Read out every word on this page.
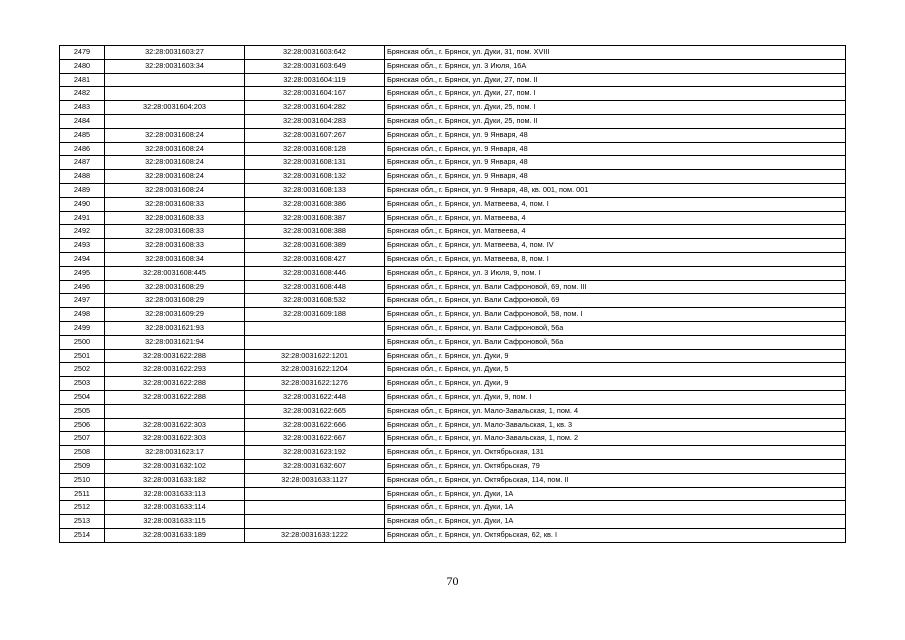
2479	32:28:0031603:27	32:28:0031603:642	Брянская обл., г. Брянск, ул. Дуки, 31, пом. XVIII
2480	32:28:0031603:34	32:28:0031603:649	Брянская обл., г. Брянск, ул. 3 Июля, 16А
2481		32:28:0031604:119	Брянская обл., г. Брянск, ул. Дуки, 27, пом. II
2482		32:28:0031604:167	Брянская обл., г. Брянск, ул. Дуки, 27, пом. I
2483	32:28:0031604:203	32:28:0031604:282	Брянская обл., г. Брянск, ул. Дуки, 25, пом. I
2484		32:28:0031604:283	Брянская обл., г. Брянск, ул. Дуки, 25, пом. II
2485	32:28:0031608:24	32:28:0031607:267	Брянская обл., г. Брянск, ул. 9 Января, 48
2486	32:28:0031608:24	32:28:0031608:128	Брянская обл., г. Брянск, ул. 9 Января, 48
2487	32:28:0031608:24	32:28:0031608:131	Брянская обл., г. Брянск, ул. 9 Января, 48
2488	32:28:0031608:24	32:28:0031608:132	Брянская обл., г. Брянск, ул. 9 Января, 48
2489	32:28:0031608:24	32:28:0031608:133	Брянская обл., г. Брянск, ул. 9 Января, 48, кв. 001, пом. 001
2490	32:28:0031608:33	32:28:0031608:386	Брянская обл., г. Брянск, ул. Матвеева, 4, пом. I
2491	32:28:0031608:33	32:28:0031608:387	Брянская обл., г. Брянск, ул. Матвеева, 4
2492	32:28:0031608:33	32:28:0031608:388	Брянская обл., г. Брянск, ул. Матвеева, 4
2493	32:28:0031608:33	32:28:0031608:389	Брянская обл., г. Брянск, ул. Матвеева, 4, пом. IV
2494	32:28:0031608:34	32:28:0031608:427	Брянская обл., г. Брянск, ул. Матвеева, 8, пом. I
2495	32:28:0031608:445	32:28:0031608:446	Брянская обл., г. Брянск, ул. 3 Июля, 9, пом. I
2496	32:28:0031608:29	32:28:0031608:448	Брянская обл., г. Брянск, ул. Вали Сафроновой, 69, пом. III
2497	32:28:0031608:29	32:28:0031608:532	Брянская обл., г. Брянск, ул. Вали Сафроновой, 69
2498	32:28:0031609:29	32:28:0031609:188	Брянская обл., г. Брянск, ул. Вали Сафроновой, 58, пом. I
2499	32:28:0031621:93		Брянская обл., г. Брянск, ул. Вали Сафроновой, 56а
2500	32:28:0031621:94		Брянская обл., г. Брянск, ул. Вали Сафроновой, 56а
2501	32:28:0031622:288	32:28:0031622:1201	Брянская обл., г. Брянск, ул. Дуки, 9
2502	32:28:0031622:293	32:28:0031622:1204	Брянская обл., г. Брянск, ул. Дуки, 5
2503	32:28:0031622:288	32:28:0031622:1276	Брянская обл., г. Брянск, ул. Дуки, 9
2504	32:28:0031622:288	32:28:0031622:448	Брянская обл., г. Брянск, ул. Дуки, 9, пом. I
2505		32:28:0031622:665	Брянская обл., г. Брянск, ул. Мало-Завальская, 1, пом. 4
2506	32:28:0031622:303	32:28:0031622:666	Брянская обл., г. Брянск, ул. Мало-Завальская, 1, кв. 3
2507	32:28:0031622:303	32:28:0031622:667	Брянская обл., г. Брянск, ул. Мало-Завальская, 1, пом. 2
2508	32:28:0031623:17	32:28:0031623:192	Брянская обл., г. Брянск, ул. Октябрьская, 131
2509	32:28:0031632:102	32:28:0031632:607	Брянская обл., г. Брянск, ул. Октябрьская, 79
2510	32:28:0031633:182	32:28:0031633:1127	Брянская обл., г. Брянск, ул. Октябрьская, 114, пом. II
2511	32:28:0031633:113		Брянская обл., г. Брянск, ул. Дуки, 1А
2512	32:28:0031633:114		Брянская обл., г. Брянск, ул. Дуки, 1А
2513	32:28:0031633:115		Брянская обл., г. Брянск, ул. Дуки, 1А
2514	32:28:0031633:189	32:28:0031633:1222	Брянская обл., г. Брянск, ул. Октябрьская, 62, кв. I
70
